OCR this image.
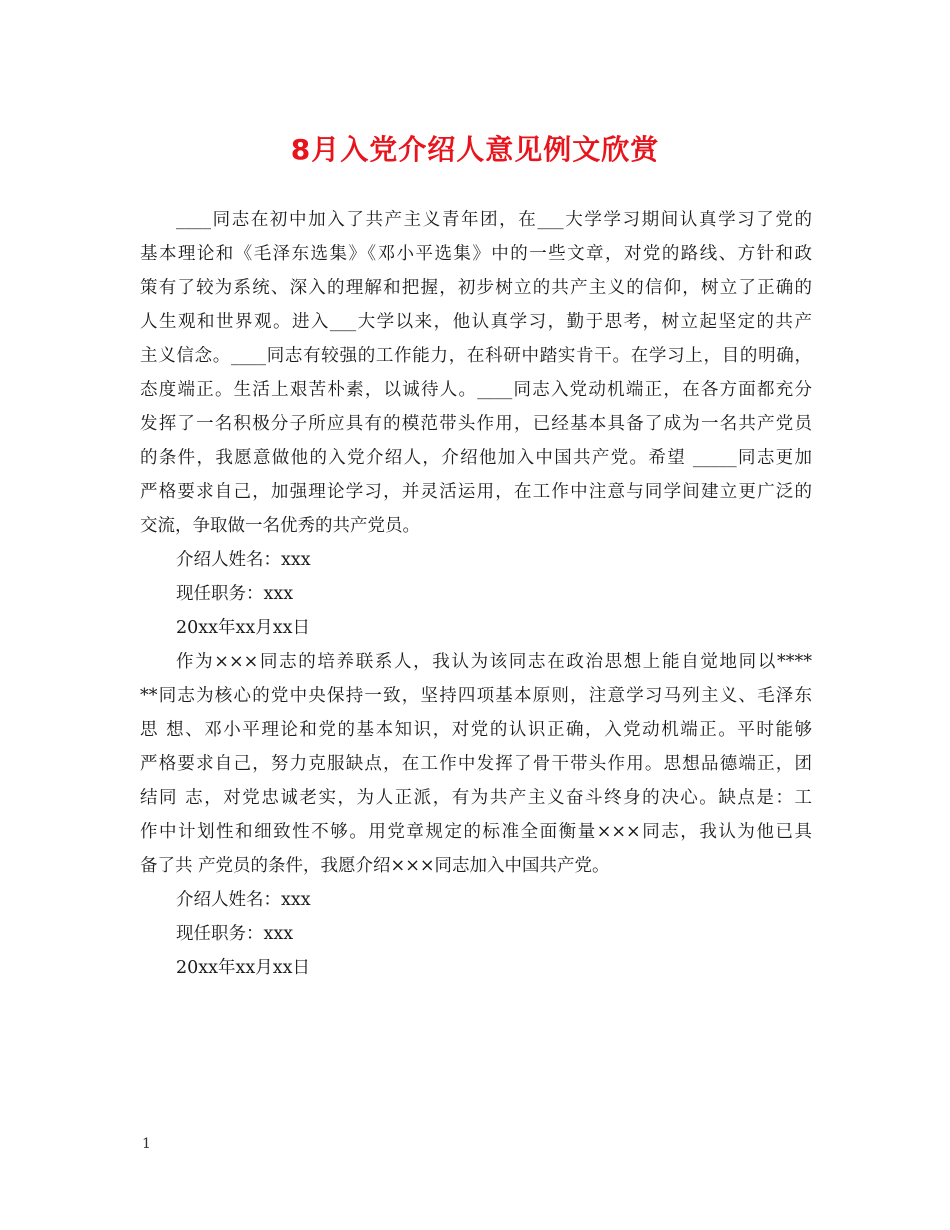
8月入党介绍人意见例文欣赏
____同志在初中加入了共产主义青年团，在___大学学习期间认真学习了党的
基本理论和《毛泽东选集》《邓小平选集》中的一些文章，对党的路线、方针和政
策有了较为系统、深入的理解和把握，初步树立的共产主义的信仰，树立了正确的
人生观和世界观。进入___大学以来，他认真学习，勤于思考，树立起坚定的共产
主义信念。____同志有较强的工作能力，在科研中踏实肯干。在学习上，目的明确，
态度端正。生活上艰苦朴素，以诚待人。____同志入党动机端正，在各方面都充分
发挥了一名积极分子所应具有的模范带头作用，已经基本具备了成为一名共产党员
的条件，我愿意做他的入党介绍人，介绍他加入中国共产党。希望 _____同志更加
严格要求自己，加强理论学习，并灵活运用，在工作中注意与同学间建立更广泛的
交流，争取做一名优秀的共产党员。
介绍人姓名：xxx
现任职务：xxx
20xx年xx月xx日
作为×××同志的培养联系人，我认为该同志在政治思想上能自觉地同以****
**同志为核心的党中央保持一致，坚持四项基本原则，注意学习马列主义、毛泽东
思 想、邓小平理论和党的基本知识，对党的认识正确，入党动机端正。平时能够
严格要求自己，努力克服缺点，在工作中发挥了骨干带头作用。思想品德端正，团
结同 志，对党忠诚老实，为人正派，有为共产主义奋斗终身的决心。缺点是：工
作中计划性和细致性不够。用党章规定的标准全面衡量×××同志，我认为他已具
备了共 产党员的条件，我愿介绍×××同志加入中国共产党。
介绍人姓名：xxx
现任职务：xxx
20xx年xx月xx日
1
